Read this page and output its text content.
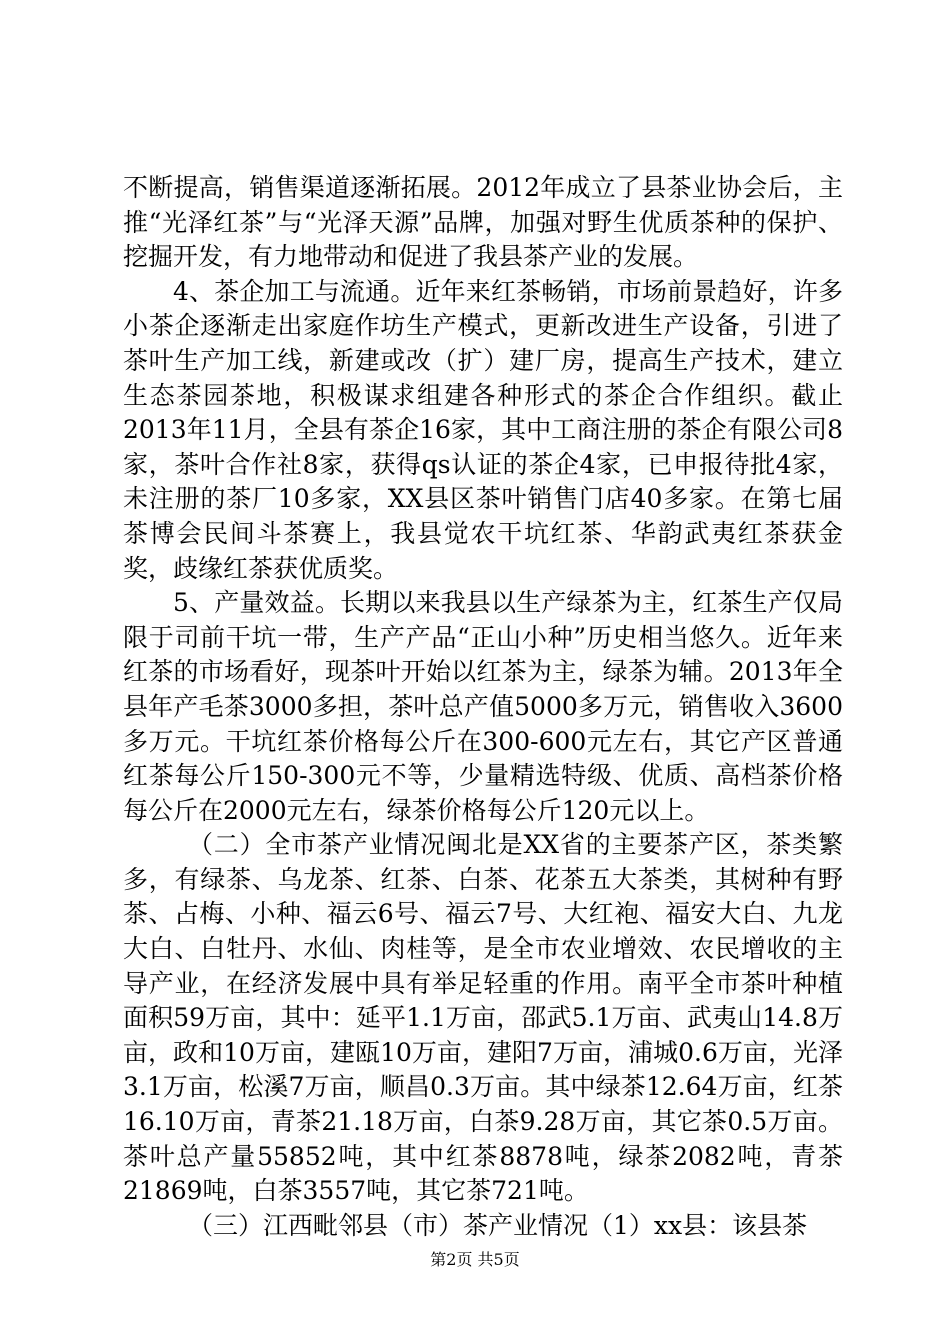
不断提高，销售渠道逐渐拓展。2012年成立了县茶业协会后，主推“光泽红茶”与“光泽天源”品牌，加强对野生优质茶种的保护、挖掘开发，有力地带动和促进了我县茶产业的发展。

4、茶企加工与流通。近年来红茶畅销，市场前景趋好，许多小茶企逐渐走出家庭作坊生产模式，更新改进生产设备，引进了茶叶生产加工线，新建或改（扩）建厂房，提高生产技术，建立生态茶园茶地，积极谋求组建各种形式的茶企合作组织。截止2013年11月，全县有茶企16家，其中工商注册的茶企有限公司8家，茶叶合作社8家，获得qs认证的茶企4家，已申报待批4家，未注册的茶厂10多家，XX县区茶叶销售门店40多家。在第七届茶博会民间斗茶赛上，我县觉农干坑红茶、华韵武夷红茶获金奖，歧缘红茶获优质奖。

5、产量效益。长期以来我县以生产绿茶为主，红茶生产仅局限于司前干坑一带，生产产品“正山小种”历史相当悠久。近年来红茶的市场看好，现茶叶开始以红茶为主，绿茶为辅。2013年全县年产毛茶3000多担，茶叶总产值5000多万元，销售收入3600多万元。干坑红茶价格每公斤在300-600元左右，其它产区普通红茶每公斤150-300元不等，少量精选特级、优质、高档茶价格每公斤在2000元左右，绿茶价格每公斤120元以上。

（二）全市茶产业情况闽北是XX省的主要茶产区，茶类繁多，有绿茶、乌龙茶、红茶、白茶、花茶五大茶类，其树种有野茶、占梅、小种、福云6号、福云7号、大红袍、福安大白、九龙大白、白牡丹、水仙、肉桂等，是全市农业增效、农民增收的主导产业，在经济发展中具有举足轻重的作用。南平全市茶叶种植面积59万亩，其中：延平1.1万亩，邵武5.1万亩、武夷山14.8万亩，政和10万亩，建瓯10万亩，建阳7万亩，浦城0.6万亩，光泽3.1万亩，松溪7万亩，顺昌0.3万亩。其中绿茶12.64万亩，红茶16.10万亩，青茶21.18万亩，白茶9.28万亩，其它茶0.5万亩。茶叶总产量55852吨，其中红茶8878吨，绿茶2082吨，青茶21869吨，白茶3557吨，其它茶721吨。

（三）江西毗邻县（市）茶产业情况（1）xx县：该县茶

第2页 共5页
